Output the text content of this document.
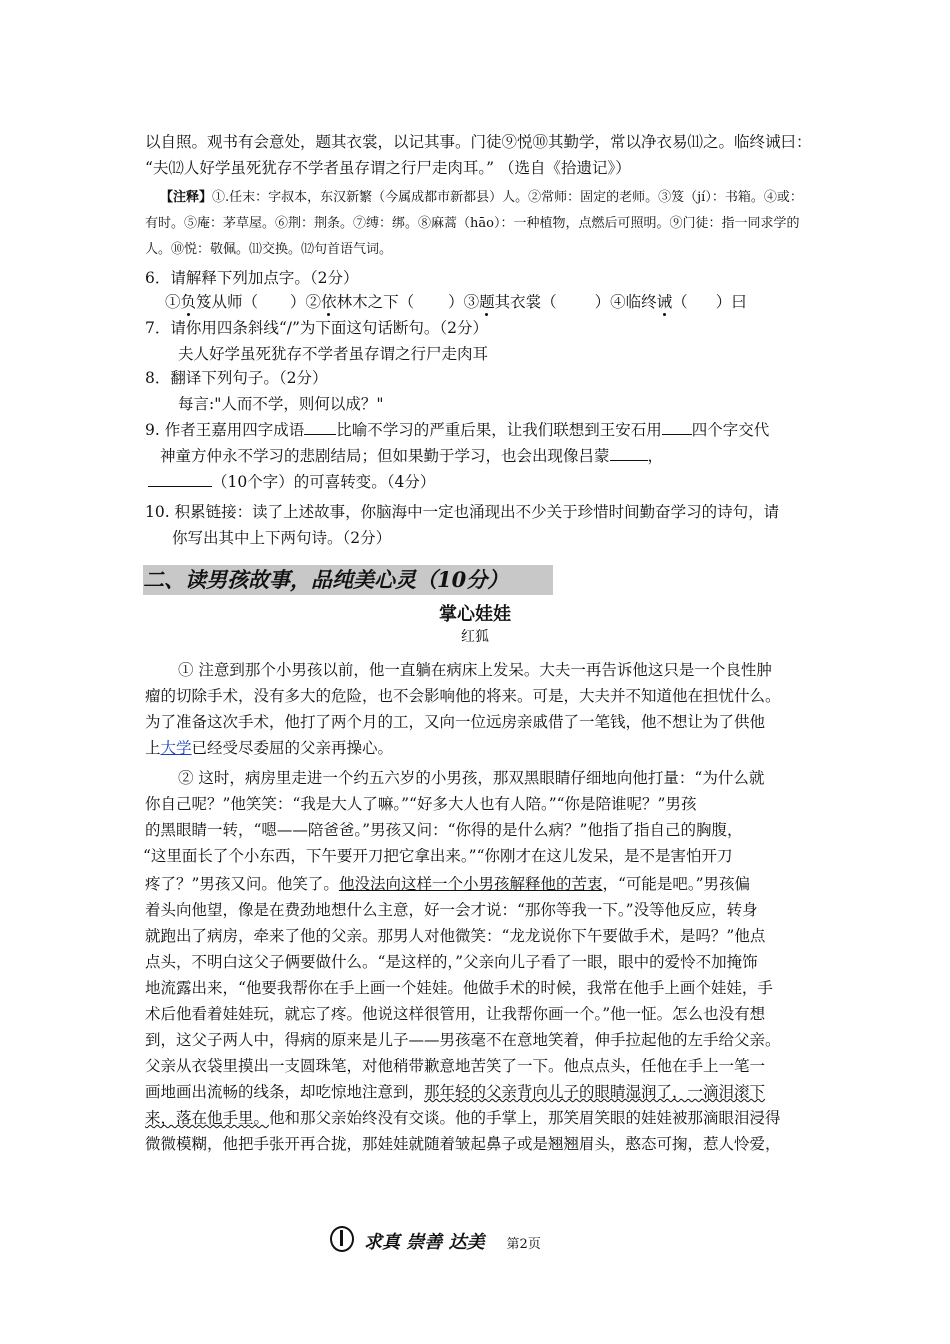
以自照。观书有会意处，题其衣裳，以记其事。门徒⑨悦⑩其勤学，常以净衣易⑾之。临终诫曰：
“夫⑿人好学虽死犹存不学者虽存谓之行尸走肉耳。” （选自《拾遗记》）
【注释】①.任末：字叔本，东汉新繁（今属成都市新都县）人。②常师：固定的老师。③笈（jí）：书箱。④或：
有时。⑤庵：茅草屋。⑥荆：荆条。⑦缚：绑。⑧麻蒿（hāo）：一种植物，点燃后可照明。⑨门徒：指一同求学的
人。⑩悦：敬佩。⑾交换。⑿句首语气词。
6．请解释下列加点字。（2分）
①负笈从师（ ）②依林木之下（ ）③题其衣裳（ ）④临终诫（ ）曰
7．请你用四条斜线“/”为下面这句话断句。（2分）
夫人好学虽死犹存不学者虽存谓之行尸走肉耳
8．翻译下列句子。（2分）
每言:"人而不学，则何以成？"
9. 作者王嘉用四字成语 比喻不学习的严重后果，让我们联想到王安石用 四个字交代
神童方仲永不学习的悲剧结局；但如果勤于学习，也会出现像吕蒙 ，
（10个字）的可喜转变。（4分）
10. 积累链接：读了上述故事，你脑海中一定也涌现出不少关于珍惜时间勤奋学习的诗句，请
你写出其中上下两句诗。（2分）
二、读男孩故事，品纯美心灵（10分）
掌心娃娃
红狐
① 注意到那个小男孩以前，他一直躺在病床上发呆。大夫一再告诉他这只是一个良性肿
瘤的切除手术，没有多大的危险，也不会影响他的将来。可是，大夫并不知道他在担忧什么。
为了准备这次手术，他打了两个月的工，又向一位远房亲戚借了一笔钱，他不想让为了供他
上大学已经受尽委屈的父亲再操心。
② 这时，病房里走进一个约五六岁的小男孩，那双黑眼睛仔细地向他打量：“为什么就
你自己呢？”他笑笑：“我是大人了嘛。”“好多大人也有人陪。”“你是陪谁呢？”男孩
的黑眼睛一转，“嗯——陪爸爸。”男孩又问：“你得的是什么病？”他指了指自己的胸腹，
“这里面长了个小东西，下午要开刀把它拿出来。”“你刚才在这儿发呆，是不是害怕开刀
疼了？”男孩又问。他笑了。他没法向这样一个小男孩解释他的苦衷，“可能是吧。”男孩偏
着头向他望，像是在费劲地想什么主意，好一会才说：“那你等我一下。”没等他反应，转身
就跑出了病房，牵来了他的父亲。那男人对他微笑：“龙龙说你下午要做手术，是吗？”他点
点头，不明白这父子俩要做什么。“是这样的，”父亲向儿子看了一眼，眼中的爱怜不加掩饰
地流露出来，“他要我帮你在手上画一个娃娃。他做手术的时候，我常在他手上画个娃娃，手
术后他看着娃娃玩，就忘了疼。他说这样很管用，让我帮你画一个。”他一怔。怎么也没有想
到，这父子两人中，得病的原来是儿子——男孩毫不在意地笑着，伸手拉起他的左手给父亲。
父亲从衣袋里摸出一支圆珠笔，对他稍带歉意地苦笑了一下。他点点头，任他在手上一笔一
画地画出流畅的线条，却吃惊地注意到，那年轻的父亲背向儿子的眼睛湿润了，一滴泪滚下
来，落在他手里。他和那父亲始终没有交谈。他的手掌上，那笑眉笑眼的娃娃被那滴眼泪浸得
微微模糊，他把手张开再合拢，那娃娃就随着皱起鼻子或是翘翘眉头，憨态可掬，惹人怜爱，
求真 崇善 达美 第2页
